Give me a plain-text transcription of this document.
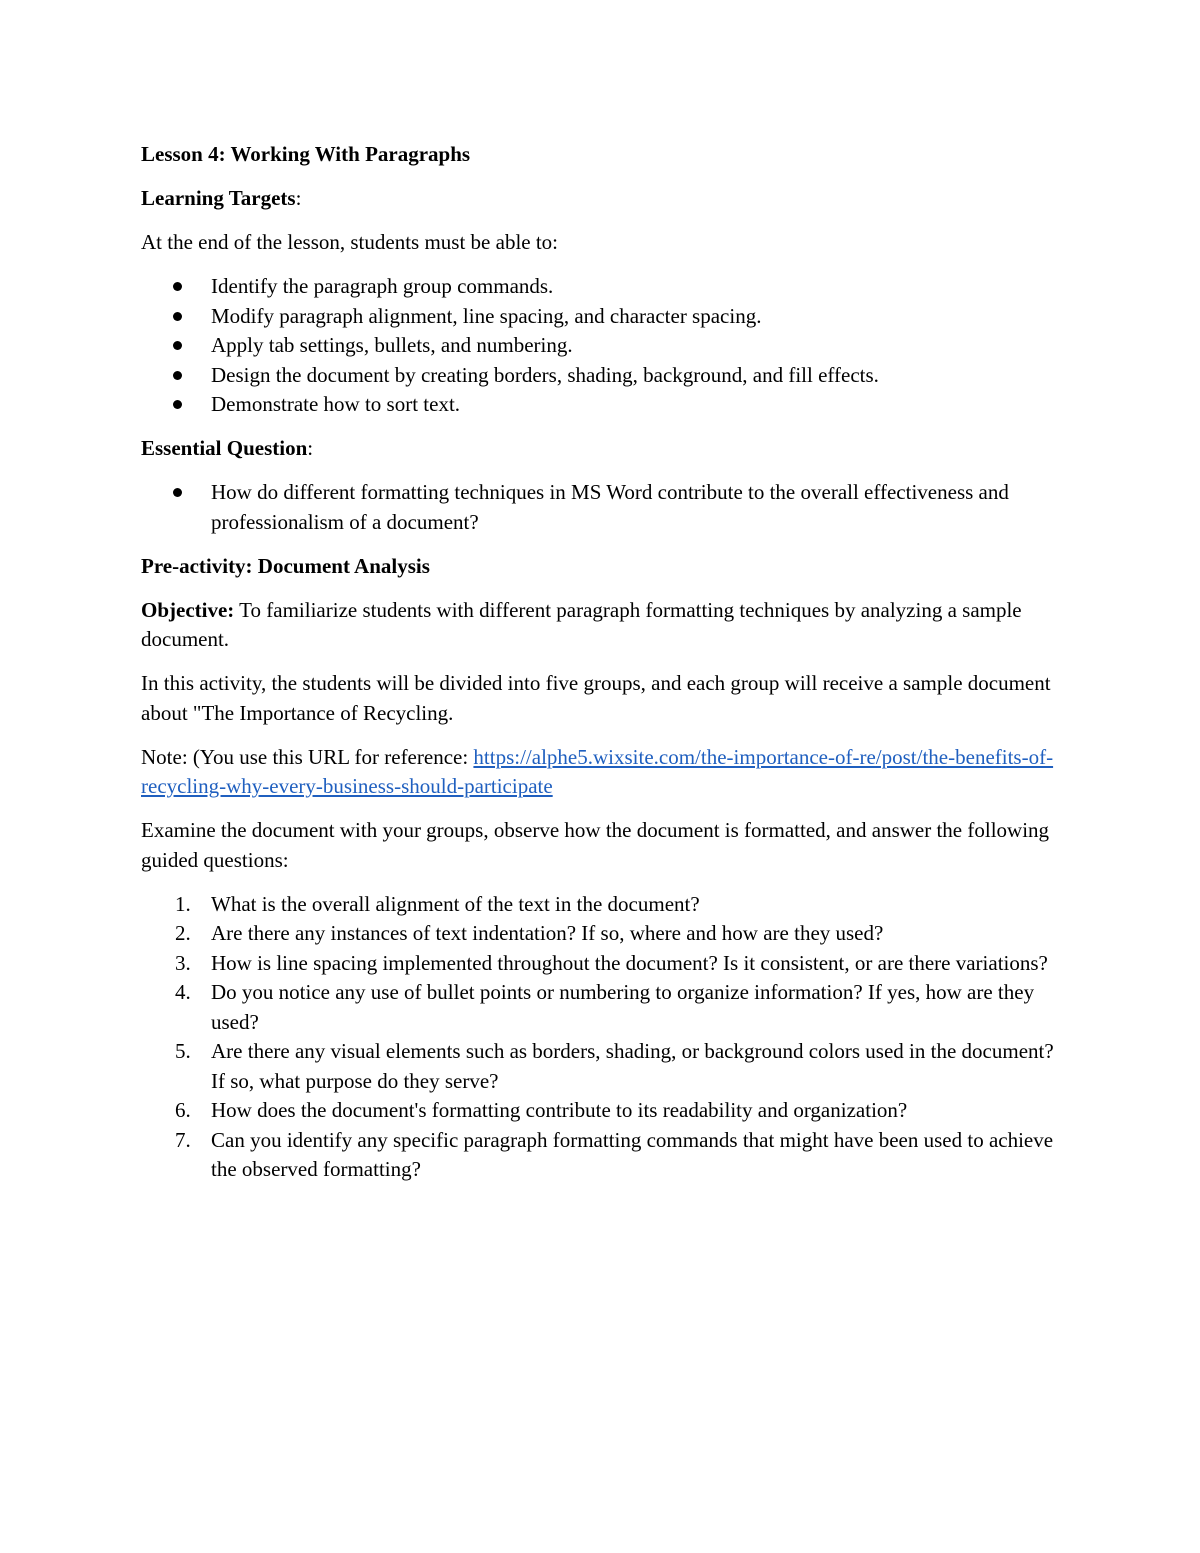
Lesson 4: Working With Paragraphs

Learning Targets:

At the end of the lesson, students must be able to:

Identify the paragraph group commands.
Modify paragraph alignment, line spacing, and character spacing.
Apply tab settings, bullets, and numbering.
Design the document by creating borders, shading, background, and fill effects.
Demonstrate how to sort text.

Essential Question:

How do different formatting techniques in MS Word contribute to the overall effectiveness and professionalism of a document?

Pre-activity: Document Analysis

Objective: To familiarize students with different paragraph formatting techniques by analyzing a sample document.

In this activity, the students will be divided into five groups, and each group will receive a sample document about "The Importance of Recycling.

Note: (You use this URL for reference: https://alphe5.wixsite.com/the-importance-of-re/post/the-benefits-of-recycling-why-every-business-should-participate

Examine the document with your groups, observe how the document is formatted, and answer the following guided questions:

1. What is the overall alignment of the text in the document?
2. Are there any instances of text indentation? If so, where and how are they used?
3. How is line spacing implemented throughout the document? Is it consistent, or are there variations?
4. Do you notice any use of bullet points or numbering to organize information? If yes, how are they used?
5. Are there any visual elements such as borders, shading, or background colors used in the document? If so, what purpose do they serve?
6. How does the document's formatting contribute to its readability and organization?
7. Can you identify any specific paragraph formatting commands that might have been used to achieve the observed formatting?
